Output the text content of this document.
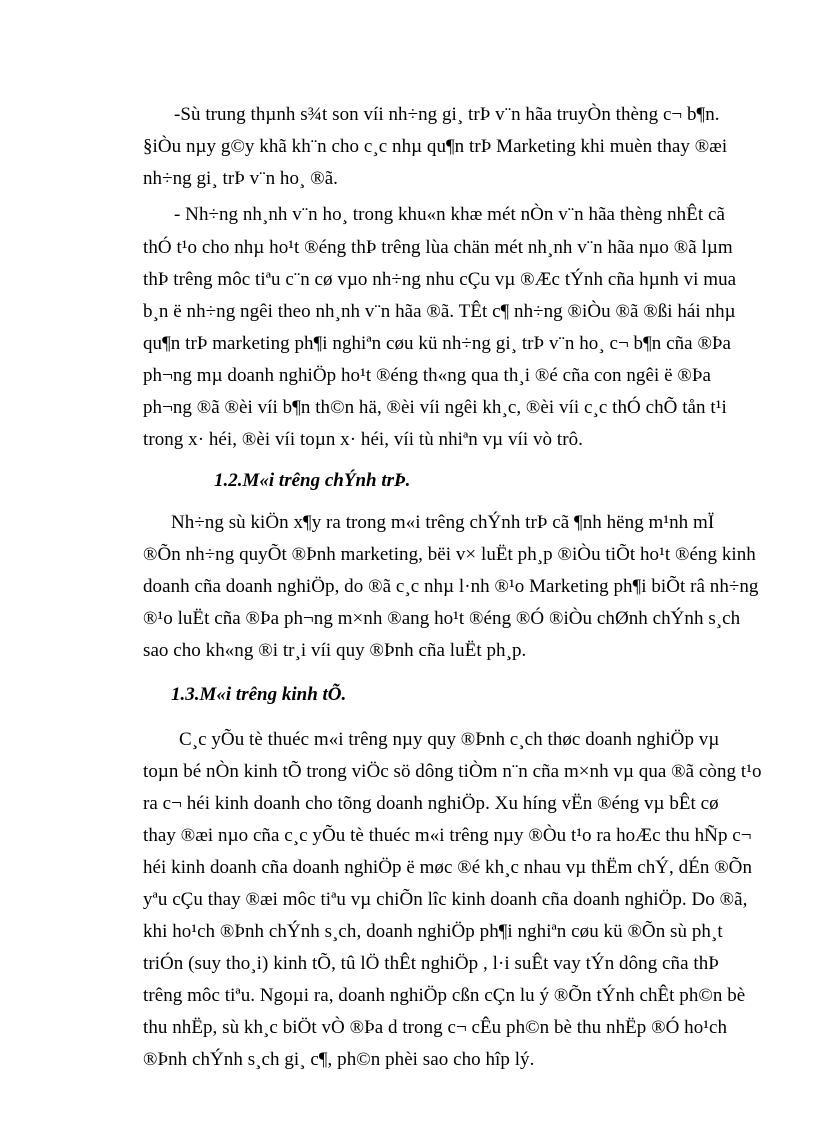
-Sù trung thµnh s¾t son víi nh÷ng gi¸ trÞ v¨n hãa truyÒn thèng c¬ b¶n.
§iÒu nµy g©y khã kh¨n cho c¸c nhµ qu¶n trÞ Marketing khi muèn thay ®æi
nh÷ng gi¸ trÞ v¨n ho¸ ®ã.
- Nh÷ng nh¸nh v¨n ho¸ trong khu«n khæ mét nÒn v¨n hãa thèng nhÊt cã
thÓ t¹o cho nhµ ho¹t ®éng thÞ trêng lùa chän mét nh¸nh v¨n hãa nµo ®ã lµm
thÞ trêng môc tiªu c¨n cø vµo nh÷ng nhu cÇu vµ ®Æc tÝnh cña hµnh vi mua
b¸n ë nh÷ng ngêi theo nh¸nh v¨n hãa ®ã. TÊt c¶ nh÷ng ®iÒu ®ã ®ßi hái nhµ
qu¶n trÞ marketing ph¶i nghiªn cøu kü nh÷ng gi¸ trÞ v¨n ho¸ c¬ b¶n cña ®Þa
ph¬ng mµ doanh nghiÖp ho¹t ®éng th«ng qua th¸i ®é cña con ngêi ë ®Þa
ph¬ng ®ã ®èi víi b¶n th©n hä, ®èi víi ngêi kh¸c, ®èi víi c¸c thÓ chÕ tån t¹i
trong x· héi, ®èi víi toµn x· héi, víi tù nhiªn vµ víi vò trô.
1.2.M«i trêng chÝnh trÞ.
Nh÷ng sù kiÖn x¶y ra trong m«i trêng chÝnh trÞ cã ¶nh hëng m¹nh mÏ
®Õn nh÷ng quyÕt ®Þnh marketing, bëi v× luËt ph¸p ®iÒu tiÕt ho¹t ®éng kinh
doanh cña doanh nghiÖp, do ®ã c¸c nhµ l·nh ®¹o Marketing ph¶i biÕt râ nh÷ng
®¹o luËt cña ®Þa ph¬ng m×nh ®ang ho¹t ®éng ®Ó ®iÒu chØnh chÝnh s¸ch
sao cho kh«ng ®i tr¸i víi quy ®Þnh cña luËt ph¸p.
1.3.M«i trêng kinh tÕ.
C¸c yÕu tè thuéc m«i trêng nµy quy ®Þnh c¸ch thøc doanh nghiÖp vµ
toµn bé nÒn kinh tÕ trong viÖc sö dông tiÒm n¨n cña m×nh vµ qua ®ã còng t¹o
ra c¬ héi kinh doanh cho tõng doanh nghiÖp. Xu híng vËn ®éng vµ bÊt cø
thay ®æi nµo cña c¸c yÕu tè thuéc m«i trêng nµy ®Òu t¹o ra hoÆc thu hÑp c¬
héi kinh doanh cña doanh nghiÖp ë møc ®é kh¸c nhau vµ thËm chÝ, dÉn ®Õn
yªu cÇu thay ®æi môc tiªu vµ chiÕn lîc kinh doanh cña doanh nghiÖp. Do ®ã,
khi ho¹ch ®Þnh chÝnh s¸ch, doanh nghiÖp ph¶i nghiªn cøu kü ®Õn sù ph¸t
triÓn (suy tho¸i) kinh tÕ, tû lÖ thÊt nghiÖp , l·i suÊt vay tÝn dông cña thÞ
trêng môc tiªu. Ngoµi ra, doanh nghiÖp cßn cÇn lu ý ®Õn tÝnh chÊt ph©n bè
thu nhËp, sù kh¸c biÖt vÒ ®Þa d trong c¬ cÊu ph©n bè thu nhËp ®Ó ho¹ch
®Þnh chÝnh s¸ch gi¸ c¶, ph©n phèi sao cho hîp lý.
